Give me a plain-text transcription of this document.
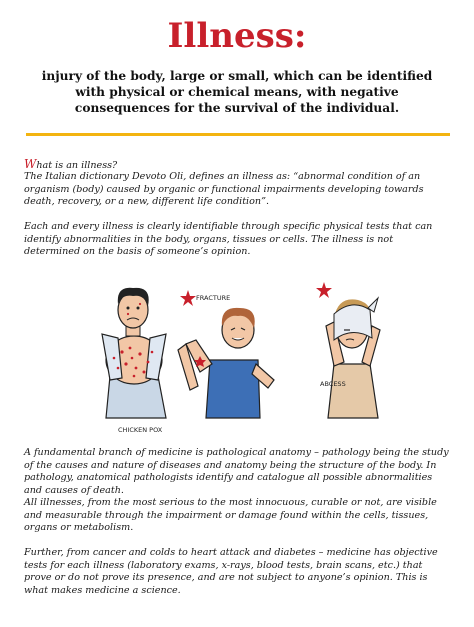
Illness:

injury of the body, large or small, which can be identified with physical or chemical means, with negative consequences for the survival of the individual.

What is an illness?

The Italian dictionary Devoto Oli, defines an illness as: “abnormal condition of an organism (body) caused by organic or functional impairments developing towards death, recovery, or a new, different life condition”.

Each and every illness is clearly identifiable through specific physical tests that can identify abnormalities in the body, organs, tissues or cells. The illness is not determined on the basis of someone’s opinion.

CHICKEN POX
FRACTURE
ABCESS

A fundamental branch of medicine is pathological anatomy – pathology being the study of the causes and nature of diseases and anatomy being the structure of the body. In pathology, anatomical pathologists identify and catalogue all possible abnormalities and causes of death.

All illnesses, from the most serious to the most innocuous, curable or not, are visible and measurable through the impairment or damage found within the cells, tissues, organs or metabolism.

Further, from cancer and colds to heart attack and diabetes – medicine has objective tests for each illness (laboratory exams, x-rays, blood tests, brain scans, etc.) that prove or do not prove its presence, and are not subject to anyone’s opinion. This is what makes medicine a science.
